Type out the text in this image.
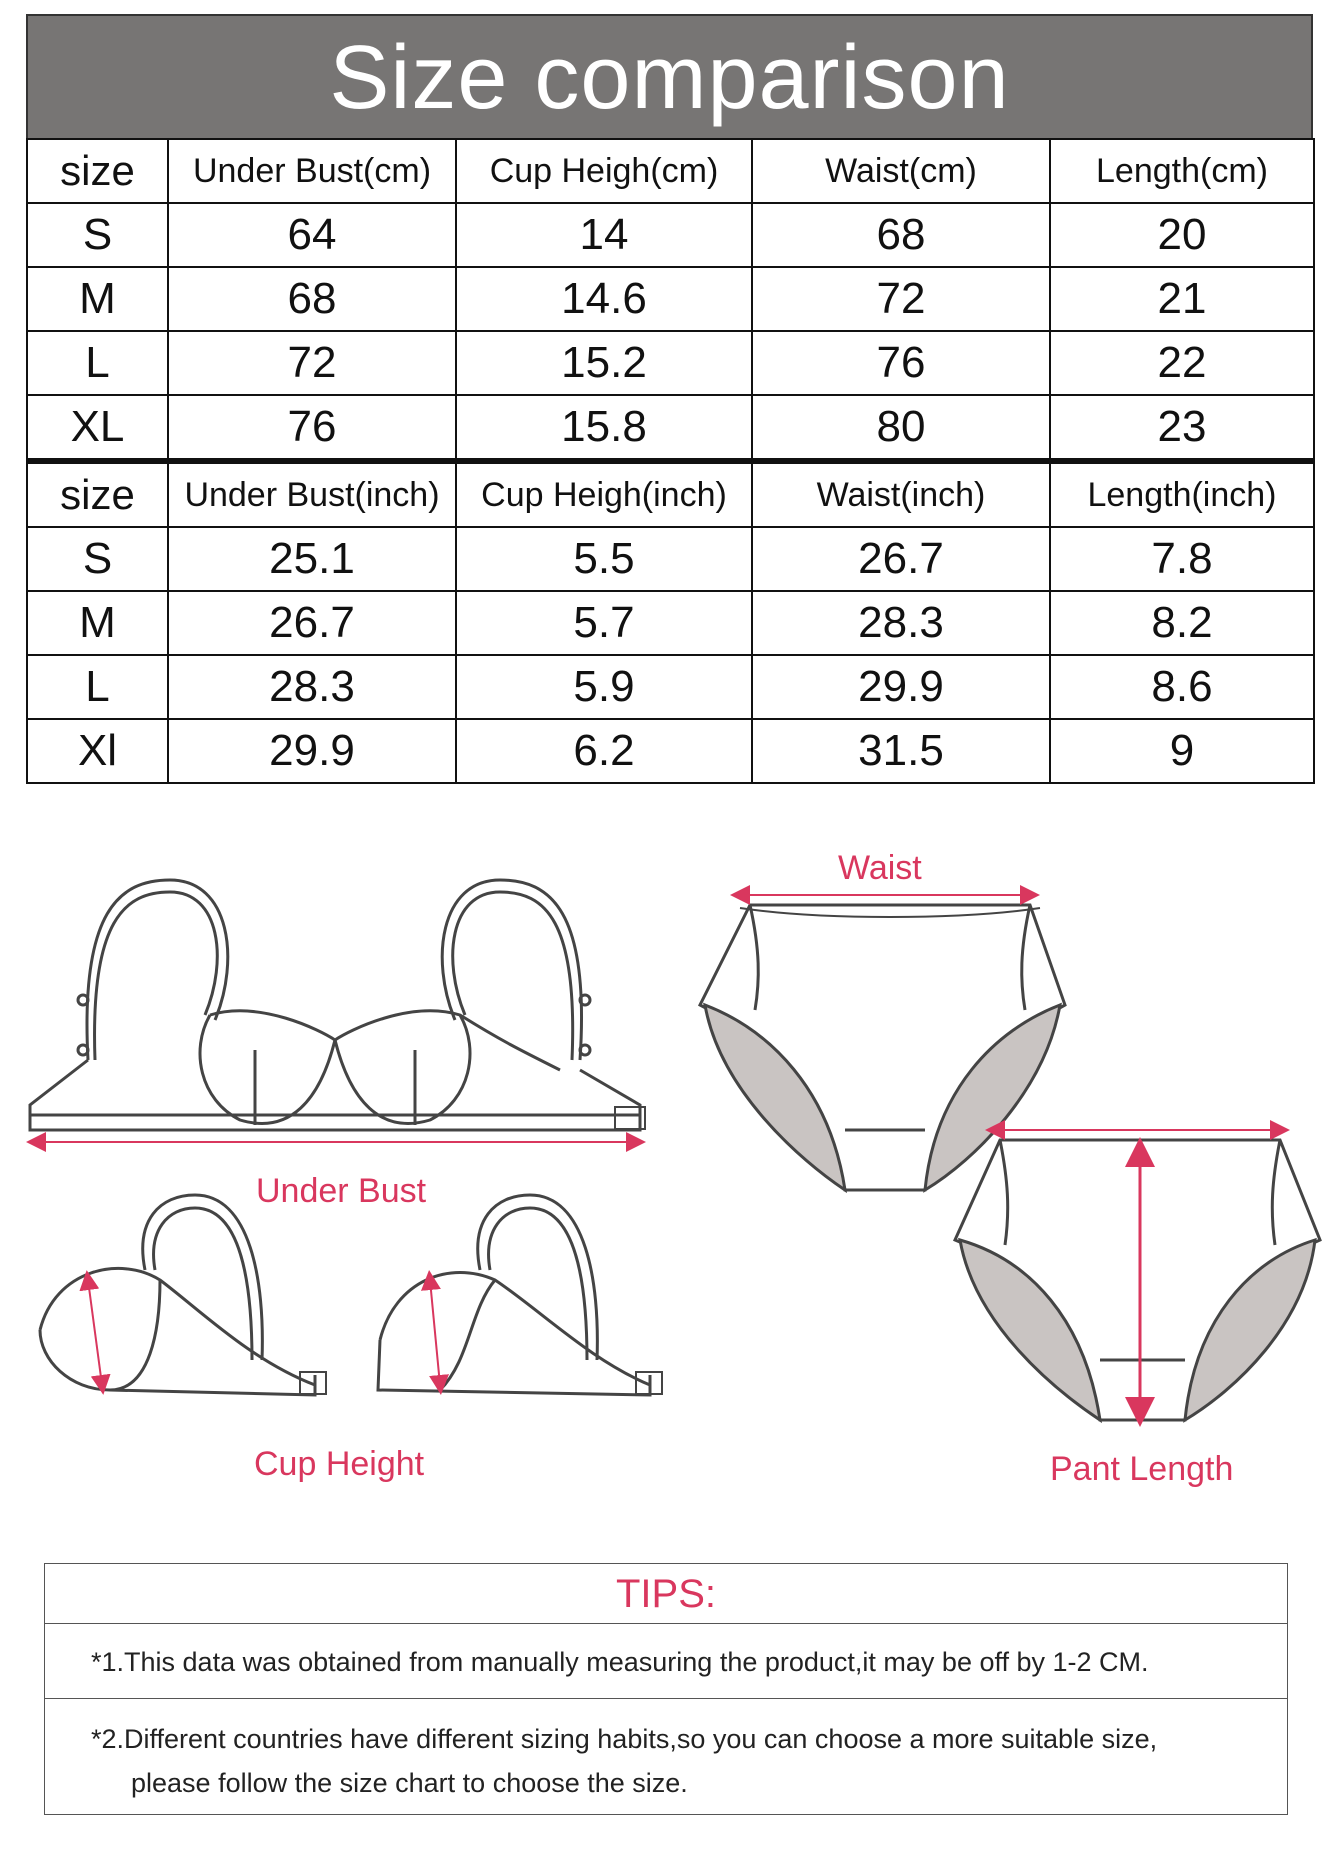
Size comparison
size	Under Bust(cm)	Cup Heigh(cm)	Waist(cm)	Length(cm)
S	64	14	68	20
M	68	14.6	72	21
L	72	15.2	76	22
XL	76	15.8	80	23
size	Under Bust(inch)	Cup Heigh(inch)	Waist(inch)	Length(inch)
S	25.1	5.5	26.7	7.8
M	26.7	5.7	28.3	8.2
L	28.3	5.9	29.9	8.6
Xl	29.9	6.2	31.5	9
Waist
Under Bust
Cup Height	Pant Length
TIPS:
*1.This data was obtained from manually measuring the product,it may be off by 1-2 CM.
*2.Different countries have different sizing habits,so you can choose a more suitable size,
please follow the size chart to choose the size.
